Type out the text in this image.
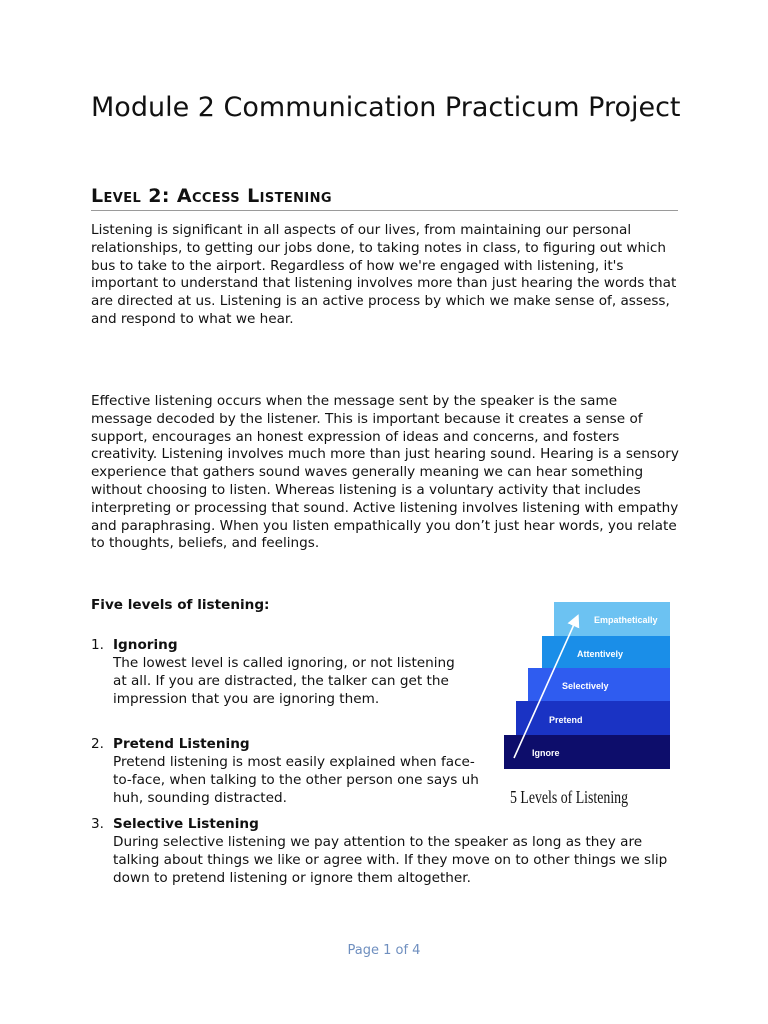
Module 2 Communication Practicum Project
Level 2: Access Listening

Listening is significant in all aspects of our lives, from maintaining our personal relationships, to getting our jobs done, to taking notes in class, to figuring out which bus to take to the airport. Regardless of how we're engaged with listening, it's important to understand that listening involves more than just hearing the words that are directed at us. Listening is an active process by which we make sense of, assess, and respond to what we hear.

Effective listening occurs when the message sent by the speaker is the same message decoded by the listener. This is important because it creates a sense of support, encourages an honest expression of ideas and concerns, and fosters creativity. Listening involves much more than just hearing sound. Hearing is a sensory experience that gathers sound waves generally meaning we can hear something without choosing to listen. Whereas listening is a voluntary activity that includes interpreting or processing that sound. Active listening involves listening with empathy and paraphrasing. When you listen empathically you don’t just hear words, you relate to thoughts, beliefs, and feelings.

Five levels of listening:

1. Ignoring

The lowest level is called ignoring, or not listening at all. If you are distracted, the talker can get the impression that you are ignoring them.

2. Pretend Listening

Pretend listening is most easily explained when face-to-face, when talking to the other person one says uh huh, sounding distracted.

3. Selective Listening

During selective listening we pay attention to the speaker as long as they are talking about things we like or agree with. If they move on to other things we slip down to pretend listening or ignore them altogether.

Ignore
Pretend
Selectively
Attentively
Empathetically
5 Levels of Listening
Page 1 of 4
